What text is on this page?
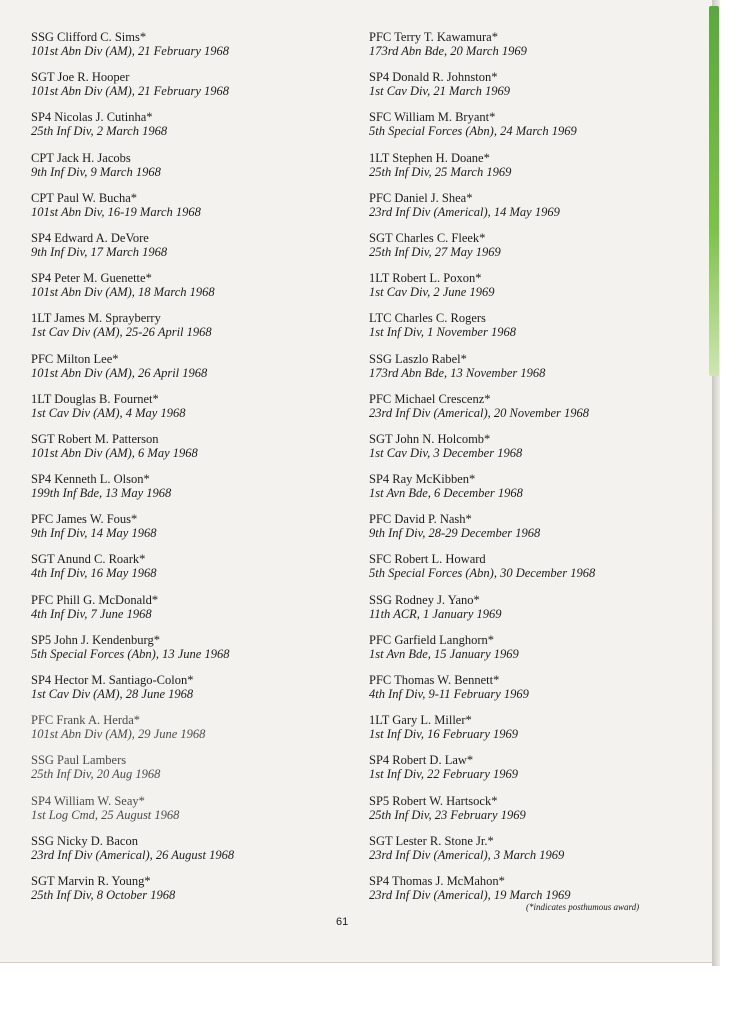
SSG Clifford C. Sims*
101st Abn Div (AM), 21 February 1968
SGT Joe R. Hooper
101st Abn Div (AM), 21 February 1968
SP4 Nicolas J. Cutinha*
25th Inf Div, 2 March 1968
CPT Jack H. Jacobs
9th Inf Div, 9 March 1968
CPT Paul W. Bucha*
101st Abn Div, 16-19 March 1968
SP4 Edward A. DeVore
9th Inf Div, 17 March 1968
SP4 Peter M. Guenette*
101st Abn Div (AM), 18 March 1968
1LT James M. Sprayberry
1st Cav Div (AM), 25-26 April 1968
PFC Milton Lee*
101st Abn Div (AM), 26 April 1968
1LT Douglas B. Fournet*
1st Cav Div (AM), 4 May 1968
SGT Robert M. Patterson
101st Abn Div (AM), 6 May 1968
SP4 Kenneth L. Olson*
199th Inf Bde, 13 May 1968
PFC James W. Fous*
9th Inf Div, 14 May 1968
SGT Anund C. Roark*
4th Inf Div, 16 May 1968
PFC Phill G. McDonald*
4th Inf Div, 7 June 1968
SP5 John J. Kendenburg*
5th Special Forces (Abn), 13 June 1968
SP4 Hector M. Santiago-Colon*
1st Cav Div (AM), 28 June 1968
PFC Frank A. Herda*
101st Abn Div (AM), 29 June 1968
SSG Paul Lambers
25th Inf Div, 20 Aug 1968
SP4 William W. Seay*
1st Log Cmd, 25 August 1968
SSG Nicky D. Bacon
23rd Inf Div (Americal), 26 August 1968
SGT Marvin R. Young*
25th Inf Div, 8 October 1968
PFC Terry T. Kawamura*
173rd Abn Bde, 20 March 1969
SP4 Donald R. Johnston*
1st Cav Div, 21 March 1969
SFC William M. Bryant*
5th Special Forces (Abn), 24 March 1969
1LT Stephen H. Doane*
25th Inf Div, 25 March 1969
PFC Daniel J. Shea*
23rd Inf Div (Americal), 14 May 1969
SGT Charles C. Fleek*
25th Inf Div, 27 May 1969
1LT Robert L. Poxon*
1st Cav Div, 2 June 1969
LTC Charles C. Rogers
1st Inf Div, 1 November 1968
SSG Laszlo Rabel*
173rd Abn Bde, 13 November 1968
PFC Michael Crescenz*
23rd Inf Div (Americal), 20 November 1968
SGT John N. Holcomb*
1st Cav Div, 3 December 1968
SP4 Ray McKibben*
1st Avn Bde, 6 December 1968
PFC David P. Nash*
9th Inf Div, 28-29 December 1968
SFC Robert L. Howard
5th Special Forces (Abn), 30 December 1968
SSG Rodney J. Yano*
11th ACR, 1 January 1969
PFC Garfield Langhorn*
1st Avn Bde, 15 January 1969
PFC Thomas W. Bennett*
4th Inf Div, 9-11 February 1969
1LT Gary L. Miller*
1st Inf Div, 16 February 1969
SP4 Robert D. Law*
1st Inf Div, 22 February 1969
SP5 Robert W. Hartsock*
25th Inf Div, 23 February 1969
SGT Lester R. Stone Jr.*
23rd Inf Div (Americal), 3 March 1969
SP4 Thomas J. McMahon*
23rd Inf Div (Americal), 19 March 1969
(*indicates posthumous award)
61
